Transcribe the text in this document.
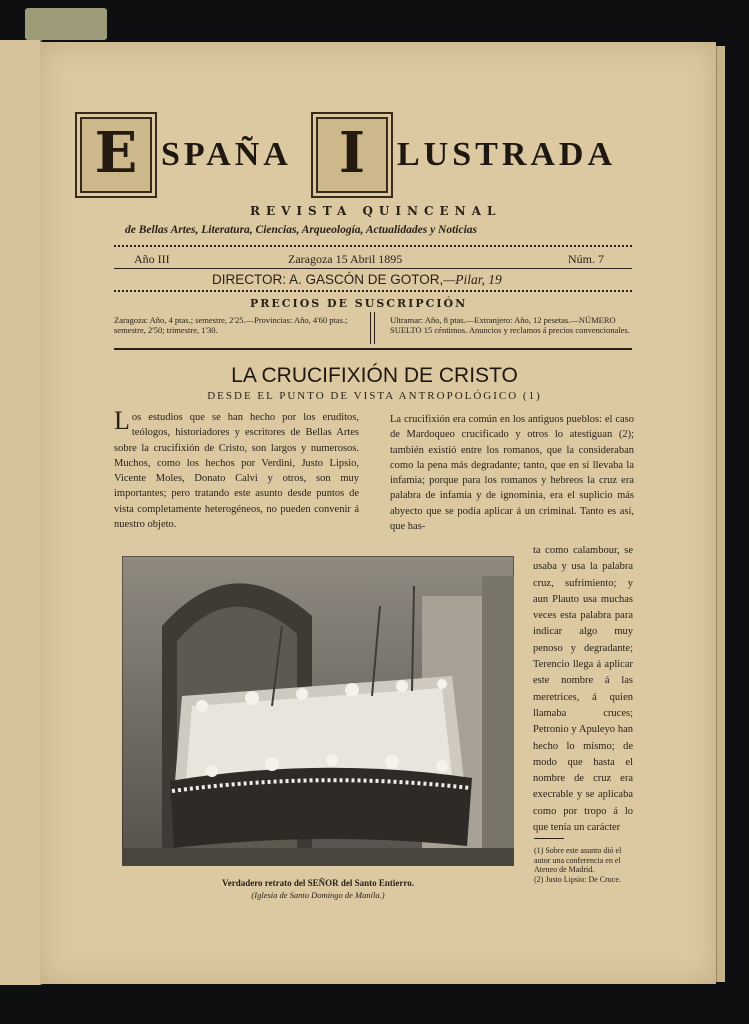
E SPAÑA I LUSTRADA
REVISTA QUINCENAL
de Bellas Artes, Literatura, Ciencias, Arqueología, Actualidades y Noticias
Año III	Zaragoza 15 Abril 1895	Núm. 7
DIRECTOR: A. GASCÓN DE GOTOR,—Pilar, 19
PRECIOS DE SUSCRIPCIÓN
Zaragoza: Año, 4 ptas.; semestre, 2'25.—Provincias: Año, 4'60 ptas.; semestre, 2'50; trimestre, 1'30.
Ultramar: Año, 8 ptas.—Extranjero: Año, 12 pesetas.—NÚMERO SUELTO 15 céntimos. Anuncios y reclamos á precios convencionales.
LA CRUCIFIXIÓN DE CRISTO
DESDE EL PUNTO DE VISTA ANTROPOLÓGICO (1)
Los estudios que se han hecho por los eruditos, teólogos, historiadores y escritores de Bellas Artes sobre la crucifixión de Cristo, son largos y numerosos. Muchos, como los hechos por Verdini, Justo Lipsio, Vicente Moles, Donato Calvi y otros, son muy importantes; pero tratando este asunto desde puntos de vista completamente heterogéneos, no pueden convenir á nuestro objeto.
La crucifixión era común en los antiguos pueblos: el caso de Mardoqueo crucificado y otros lo atestiguan (2); también existió entre los romanos, que la consideraban como la pena más degradante; tanto, que en sí llevaba la infamia; porque para los romanos y hebreos la cruz era palabra de infamia y de ignominia, era el suplicio más abyecto que se podía aplicar á un criminal. Tanto es así, que has-
ta como calambour, se usaba y usa la palabra cruz, sufrimiento; y aun Plauto usa muchas veces esta palabra para indicar algo muy penoso y degradante; Terencio llega á aplicar este nombre á las meretrices, á quien llamaba cruces; Petronio y Apuleyo han hecho lo mismo; de modo que hasta el nombre de cruz era execrable y se aplicaba como por tropo á lo que tenía un carácter
Verdadero retrato del SEÑOR del Santo Entierro.
(Iglesia de Santo Domingo de Manila.)
(1) Sobre este asunto dió el autor una conferencia en el Ateneo de Madrid.
(2) Justo Lipsio: De Cruce.
